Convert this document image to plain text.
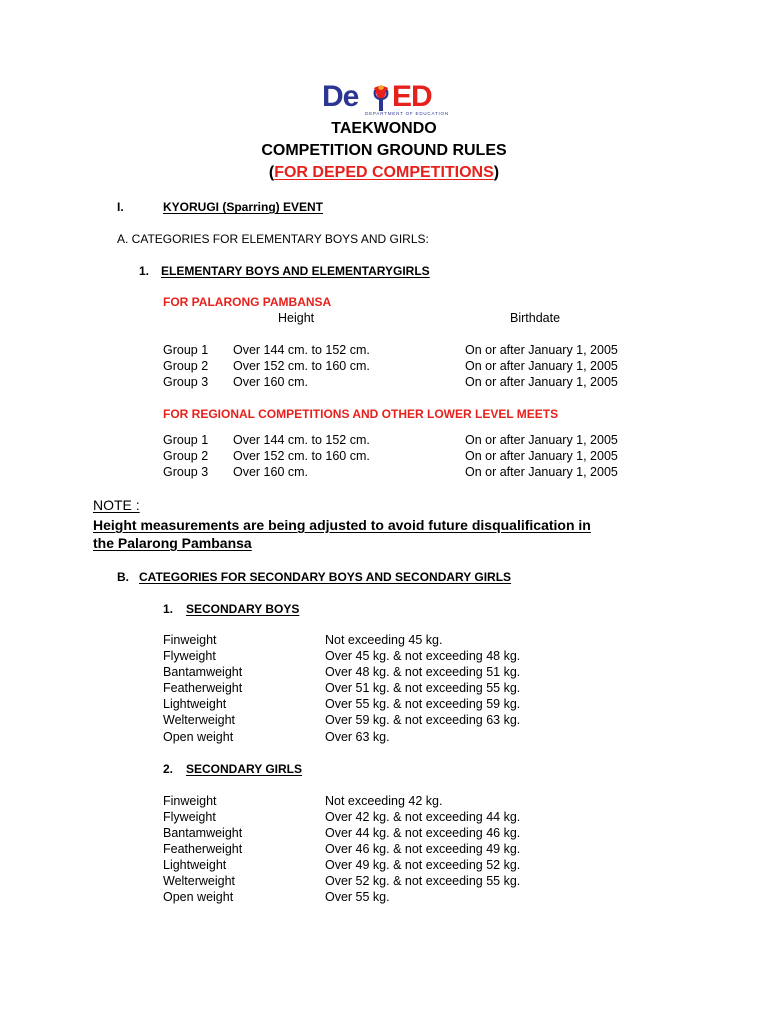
De ED
DEPARTMENT OF EDUCATION
TAEKWONDO
COMPETITION GROUND RULES
(FOR DEPED COMPETITIONS)
I.	KYORUGI (Sparring) EVENT
A. CATEGORIES FOR ELEMENTARY BOYS AND GIRLS:
1. ELEMENTARY BOYS AND ELEMENTARYGIRLS
FOR PALARONG PAMBANSA
Height	Birthdate
Group 1 Over 144 cm. to 152 cm.	On or after January 1, 2005
Group 2 Over 152 cm. to 160 cm.	On or after January 1, 2005
Group 3 Over 160 cm.	On or after January 1, 2005
FOR REGIONAL COMPETITIONS AND OTHER LOWER LEVEL MEETS
Group 1 Over 144 cm. to 152 cm.	On or after January 1, 2005
Group 2 Over 152 cm. to 160 cm.	On or after January 1, 2005
Group 3 Over 160 cm.	On or after January 1, 2005
NOTE :
Height measurements are being adjusted to avoid future disqualification in
the Palarong Pambansa
B. CATEGORIES FOR SECONDARY BOYS AND SECONDARY GIRLS
1. SECONDARY BOYS
Finweight	Not exceeding 45 kg.
Flyweight	Over 45 kg. & not exceeding 48 kg.
Bantamweight	Over 48 kg. & not exceeding 51 kg.
Featherweight	Over 51 kg. & not exceeding 55 kg.
Lightweight	Over 55 kg. & not exceeding 59 kg.
Welterweight	Over 59 kg. & not exceeding 63 kg.
Open weight	Over 63 kg.
2. SECONDARY GIRLS
Finweight	Not exceeding 42 kg.
Flyweight	Over 42 kg. & not exceeding 44 kg.
Bantamweight	Over 44 kg. & not exceeding 46 kg.
Featherweight	Over 46 kg. & not exceeding 49 kg.
Lightweight	Over 49 kg. & not exceeding 52 kg.
Welterweight	Over 52 kg. & not exceeding 55 kg.
Open weight	Over 55 kg.
